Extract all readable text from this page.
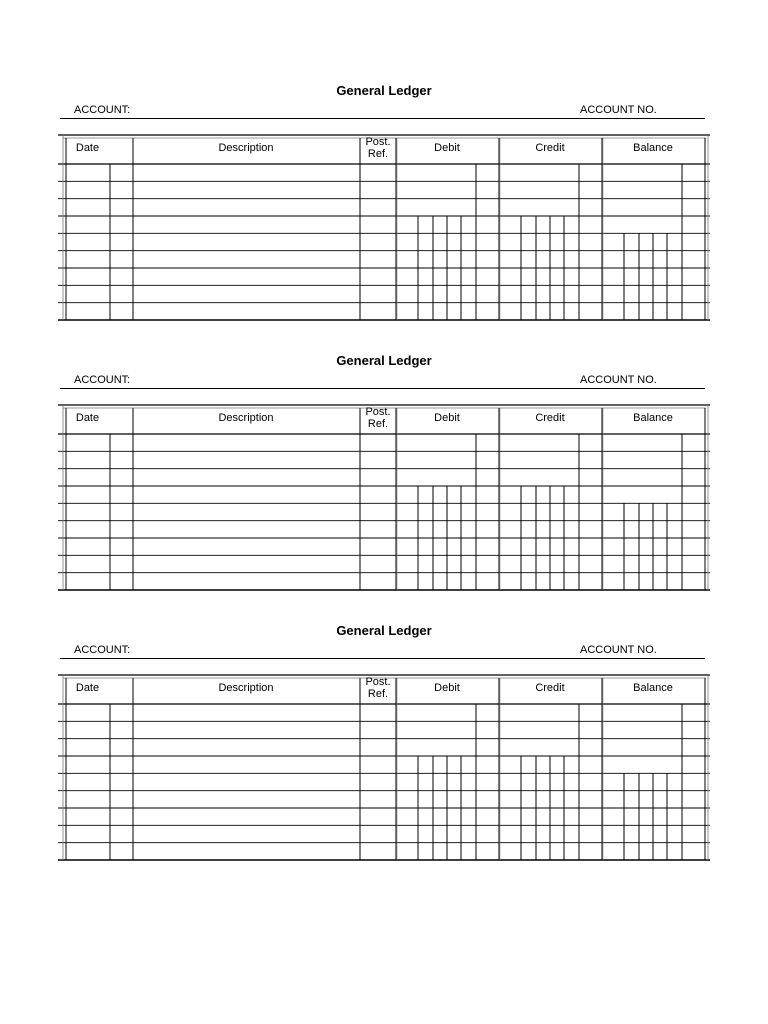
General Ledger
ACCOUNT:	ACCOUNT NO.
Date	Description	Post.
Ref.	Debit	Credit	Balance
General Ledger
ACCOUNT:	ACCOUNT NO.
Date	Description	Post.
Ref.	Debit	Credit	Balance
General Ledger
ACCOUNT:	ACCOUNT NO.
Date	Description	Post.
Ref.	Debit	Credit	Balance
